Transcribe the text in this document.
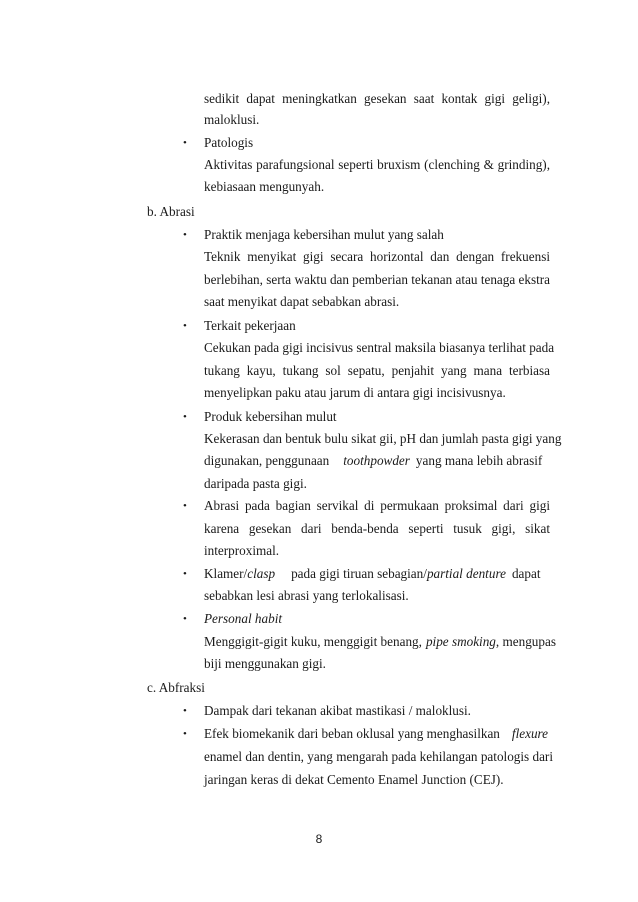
sedikit dapat meningkatkan gesekan saat kontak gigi geligi),
maloklusi.
• Patologis
Aktivitas parafungsional seperti bruxism (clenching & grinding),
kebiasaan mengunyah.
b. Abrasi
• Praktik menjaga kebersihan mulut yang salah
Teknik menyikat gigi secara horizontal dan dengan frekuensi
berlebihan, serta waktu dan pemberian tekanan atau tenaga ekstra
saat menyikat dapat sebabkan abrasi.
• Terkait pekerjaan
Cekukan pada gigi incisivus sentral maksila biasanya terlihat pada
tukang kayu, tukang sol sepatu, penjahit yang mana terbiasa
menyelipkan paku atau jarum di antara gigi incisivusnya.
• Produk kebersihan mulut
Kekerasan dan bentuk bulu sikat gii, pH dan jumlah pasta gigi yang
digunakan, penggunaan toothpowder yang mana lebih abrasif
daripada pasta gigi.
• Abrasi pada bagian servikal di permukaan proksimal dari gigi
karena gesekan dari benda-benda seperti tusuk gigi, sikat
interproximal.
• Klamer/clasp pada gigi tiruan sebagian/partial denture dapat
sebabkan lesi abrasi yang terlokalisasi.
• Personal habit
Menggigit-gigit kuku, menggigit benang, pipe smoking, mengupas
biji menggunakan gigi.
c. Abfraksi
• Dampak dari tekanan akibat mastikasi / maloklusi.
• Efek biomekanik dari beban oklusal yang menghasilkan flexure
enamel dan dentin, yang mengarah pada kehilangan patologis dari
jaringan keras di dekat Cemento Enamel Junction (CEJ).
8
